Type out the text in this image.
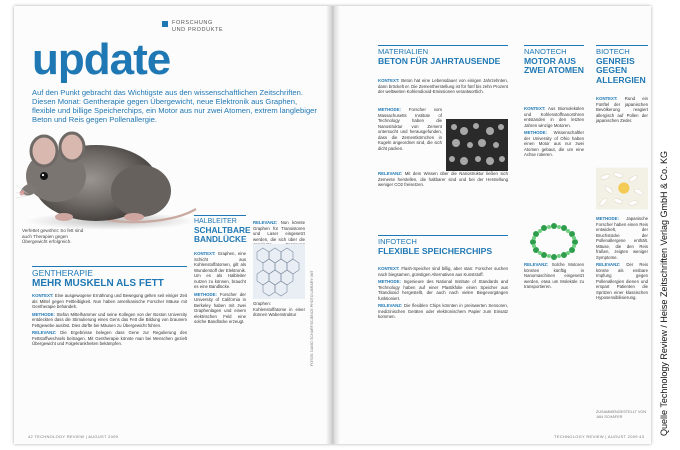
FORSCHUNG
UND PRODUKTE
update
Auf den Punkt gebracht das Wichtigste aus den wissenschaftlichen Zeitschriften. Diesen Monat: Gentherapie gegen Übergewicht, neue Elektronik aus Graphen, flexible und billige Speicherchips, ein Motor aus nur zwei Atomen, extrem langlebiger Beton und Reis gegen Pollenallergie.
Verfettet gewöhnt: So fett sind auch Therapien gegen Übergewicht erfolgreich.
GENTHERAPIE
MEHR MUSKELN ALS FETT

KONTEXT: Eine ausgewogene Ernährung und Bewegung gelten seit einiger Zeit als Mittel gegen Fettleibigkeit. Nun haben amerikanische Forscher Mäuse mit Gentherapie behandelt.

METHODE: Stefan Mittelhammer und seine Kollegen von der Boston University entdeckten dass die Stimulierung eines Gens das Fett die Bildung von braunem Fettgewebe auslöst. Dies dürfte bei Mäusen zu Übergewicht führen.

RELEVANZ: Die Ergebnisse belegen dass Gene zur Regulierung des Fettstoffwechsels beitragen. Mit Gentherapie könnte man bei Menschen gezielt Übergewicht und Folgekrankheiten bekämpfen.

HALBLEITER
SCHALTBARE BANDLÜCKE

KONTEXT: Graphen, eine Schicht aus Kohlenstoffatomen, gilt als Wunderstoff der Elektronik. Um es als Halbleiter nutzen zu können, braucht es eine Bandlücke.

METHODE: Forscher der University of California in Berkeley haben mit zwei Graphenlagen und einem elektrischen Feld eine solche Bandlücke erzeugt.

RELEVANZ: Nun könnte Graphen für Transistoren und Laser eingesetzt werden, die sich über die

Graphen: Kohlenstoffatome in einer dünnen Wabenstruktur	FOTOS: DAVID SCHARF/SCIENCE PHOTO LIBRARY; MIT
42 TECHNOLOGY REVIEW | AUGUST 2009
MATERIALIEN
BETON FÜR JAHRTAUSENDE

KONTEXT: Beton hat eine Lebensdauer von einigen Jahrzehnten, dann bröckelt er. Die Zementherstellung ist für fünf bis zehn Prozent der weltweiten Kohlendioxid-Emissionen verantwortlich.

METHODE: Forscher vom Massachusetts Institute of Technology haben die Nanostruktur von Zement untersucht und herausgefunden, dass die Zementkörnchen in Kugeln angeordnet sind, die sich dicht packen.

RELEVANZ: Mit dem Wissen über die Nanostruktur ließen sich Zemente herstellen, die haltbarer sind und bei der Herstellung weniger CO2 freisetzen.

INFOTECH
FLEXIBLE SPEICHERCHIPS

KONTEXT: Flash-Speicher sind billig, aber starr. Forscher suchen nach biegsamen, günstigen Alternativen aus Kunststoff.

METHODE: Ingenieure des National Institute of Standards and Technology haben auf einer Plastikfolie einen Speicher aus Titandioxid hergestellt, der auch nach vielen Biegevorgängen funktioniert.

RELEVANZ: Die flexiblen Chips könnten in preiswerten Sensoren, medizinischen Geräten oder elektronischem Papier zum Einsatz kommen.

NANOTECH
MOTOR AUS ZWEI ATOMEN

KONTEXT: Aus Biomolekülen und Kohlenstoffnanoröhren entstanden in den letzten Jahren winzige Motoren.

METHODE: Wissenschaftler der University of Ohio haben einen Motor aus nur zwei Atomen gebaut, die um eine Achse rotieren.

RELEVANZ: Solche Motoren könnten künftig in Nanomaschinen eingesetzt werden, etwa um Moleküle zu transportieren.

BIOTECH
GENREIS GEGEN ALLERGIEN

KONTEXT: Rund ein Fünftel der japanischen Bevölkerung reagiert allergisch auf Pollen der japanischen Zeder.

METHODE: Japanische Forscher haben einen Reis entwickelt, der Bruchstücke der Pollenallergene enthält. Mäuse, die den Reis fraßen, zeigten weniger Symptome.

RELEVANZ: Der Reis könnte als essbare Impfung gegen Pollenallergien dienen und erspart Patienten die Spritzen einer klassischen Hyposensibilisierung.

ZUSAMMENGESTELLT VON JAN SCHÄFER
TECHNOLOGY REVIEW | AUGUST 2009 43
Quelle Technology Review / Heise Zeitschriften Verlag GmbH & Co. KG
